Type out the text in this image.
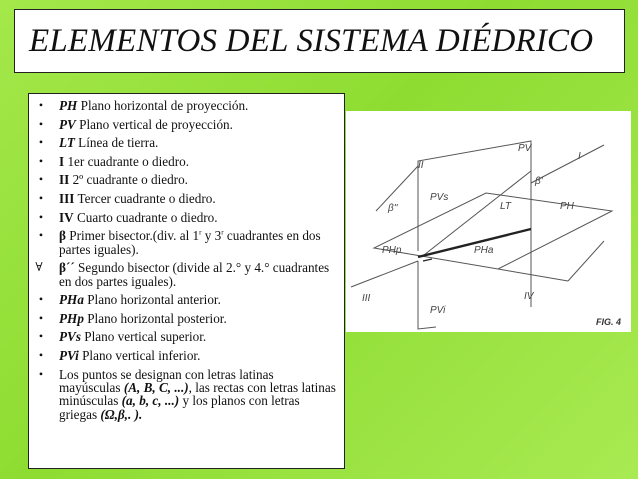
ELEMENTOS DEL SISTEMA DIÉDRICO
•	PH Plano horizontal de proyección.
•	PV Plano vertical de proyección.
•	LT Línea de tierra.
•	I 1er cuadrante o diedro.
•	II 2º cuadrante o diedro.
•	III Tercer cuadrante o diedro.
•	IV Cuarto cuadrante o diedro.
•	β Primer bisector.(div. al 1$^r$ y 3$^r$ cuadrantes en dos partes iguales).
∀ β´´ Segundo bisector (divide al 2.° y 4.° cuadrantes en dos partes iguales).
•	PHa Plano horizontal anterior.
•	PHp Plano horizontal posterior.
•	PVs Plano vertical superior.
•	PVi Plano vertical inferior.
•	Los puntos se designan con letras latinas mayúsculas (A, B, C, ...), las rectas con letras latinas minúsculas (a, b, c, ...) y los planos con letras griegas (Ω,β,. ).
PV
I
II
PVs
β'
β''	LT	PH
PHp	PHa
III	IV
PVi
FIG. 4
